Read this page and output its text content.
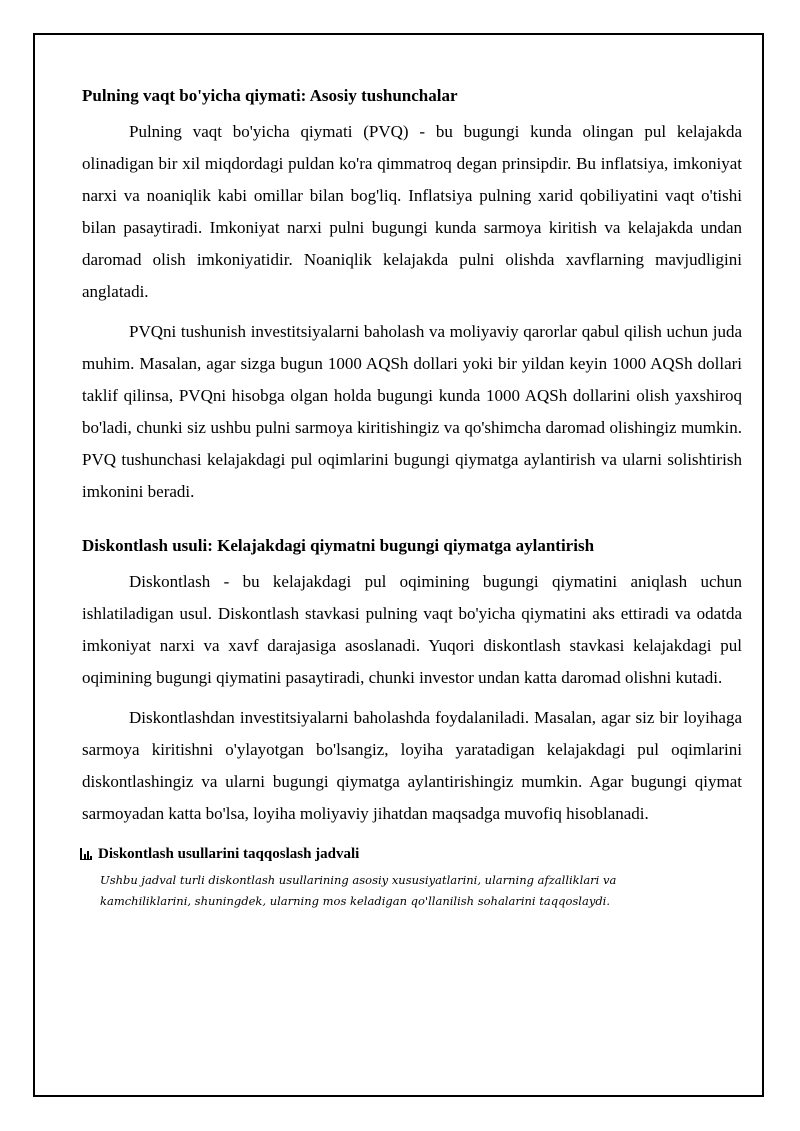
Pulning vaqt bo'yicha qiymati: Asosiy tushunchalar

Pulning vaqt bo'yicha qiymati (PVQ) - bu bugungi kunda olingan pul kelajakda olinadigan bir xil miqdordagi puldan ko'ra qimmatroq degan prinsipdir. Bu inflatsiya, imkoniyat narxi va noaniqlik kabi omillar bilan bog'liq. Inflatsiya pulning xarid qobiliyatini vaqt o'tishi bilan pasaytiradi. Imkoniyat narxi pulni bugungi kunda sarmoya kiritish va kelajakda undan daromad olish imkoniyatidir. Noaniqlik kelajakda pulni olishda xavflarning mavjudligini anglatadi.

PVQni tushunish investitsiyalarni baholash va moliyaviy qarorlar qabul qilish uchun juda muhim. Masalan, agar sizga bugun 1000 AQSh dollari yoki bir yildan keyin 1000 AQSh dollari taklif qilinsa, PVQni hisobga olgan holda bugungi kunda 1000 AQSh dollarini olish yaxshiroq bo'ladi, chunki siz ushbu pulni sarmoya kiritishingiz va qo'shimcha daromad olishingiz mumkin. PVQ tushunchasi kelajakdagi pul oqimlarini bugungi qiymatga aylantirish va ularni solishtirish imkonini beradi.

Diskontlash usuli: Kelajakdagi qiymatni bugungi qiymatga aylantirish

Diskontlash - bu kelajakdagi pul oqimining bugungi qiymatini aniqlash uchun ishlatiladigan usul. Diskontlash stavkasi pulning vaqt bo'yicha qiymatini aks ettiradi va odatda imkoniyat narxi va xavf darajasiga asoslanadi. Yuqori diskontlash stavkasi kelajakdagi pul oqimining bugungi qiymatini pasaytiradi, chunki investor undan katta daromad olishni kutadi.

Diskontlashdan investitsiyalarni baholashda foydalaniladi. Masalan, agar siz bir loyihaga sarmoya kiritishni o'ylayotgan bo'lsangiz, loyiha yaratadigan kelajakdagi pul oqimlarini diskontlashingiz va ularni bugungi qiymatga aylantirishingiz mumkin. Agar bugungi qiymat sarmoyadan katta bo'lsa, loyiha moliyaviy jihatdan maqsadga muvofiq hisoblanadi.

Diskontlash usullarini taqqoslash jadvali

Ushbu jadval turli diskontlash usullarining asosiy xususiyatlarini, ularning afzalliklari va kamchiliklarini, shuningdek, ularning mos keladigan qo'llanilish sohalarini taqqoslaydi.
